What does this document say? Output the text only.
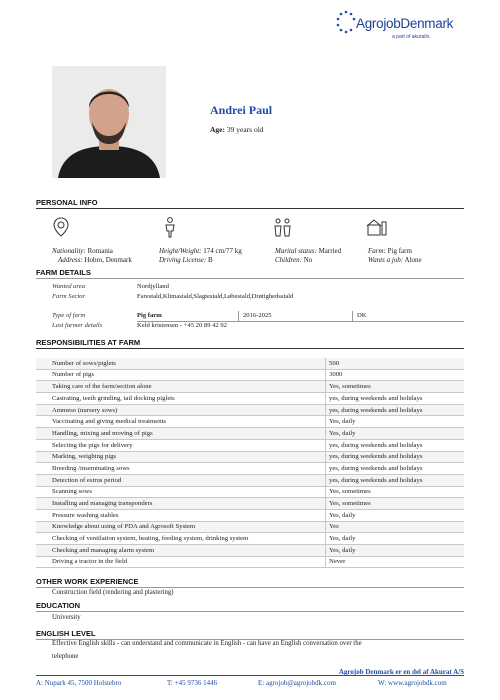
AgrojobDenmark
a part of akurat/s
Andrei Paul
Age: 39 years old
PERSONAL INFO
Nationality: Romania
Address: Hobro, Denmark
Height/Weight: 174 cm/77 kg
Driving License: B
Marital status: Married
Children: No
Farm: Pig farm
Wants a job: Alone
FARM DETAILS
Wanted area	Nordjylland
Farm Sector	Farestald,Klimastald,Slagtestald,Løbestald,Drøtighedsstald
Type of farm	Pig farm	2016-2025	DK
Last farmer details	Keld kristensen - +45 20 89 42 92
RESPONSIBILITIES AT FARM
Number of sows/piglets	500
Number of pigs	3000
Taking care of the farm/section alone	Yes, sometimes
Castrating, teeth grinding, tail docking piglets	yes, during weekends and holidays
Ammeso (nursery sows)	yes, during weekends and holidays
Vaccinating and giving medical treatments	Yes, daily
Handling, mixing and moving of pigs	Yes, daily
Selecting the pigs for delivery	yes, during weekends and holidays
Marking, weighing pigs	yes, during weekends and holidays
Breeding /inseminating sows	yes, during weekends and holidays
Detection of estrus period	yes, during weekends and holidays
Scanning sows	Yes, sometimes
Installing and managing transponders	Yes, sometimes
Pressure washing stables	Yes, daily
Knowledge about using of PDA and Agrosoft System	Yes
Checking of ventilation system, heating, feeding system, drinking system	Yes, daily
Checking and managing alarm system	Yes, daily
Driving a tractor in the field	Never
OTHER WORK EXPERIENCE
Construction field (rendering and plastering)
EDUCATION
University
ENGLISH LEVEL
Effective English skills - can understand and communicate in English - can have an English conversation over the
telephone
Agrojob Denmark er en del af Akurat A/S
A: Nupark 45, 7500 Holstebro	T: +45 9736 1446	E: agrojob@agrojobdk.com	W: www.agrojobdk.com
